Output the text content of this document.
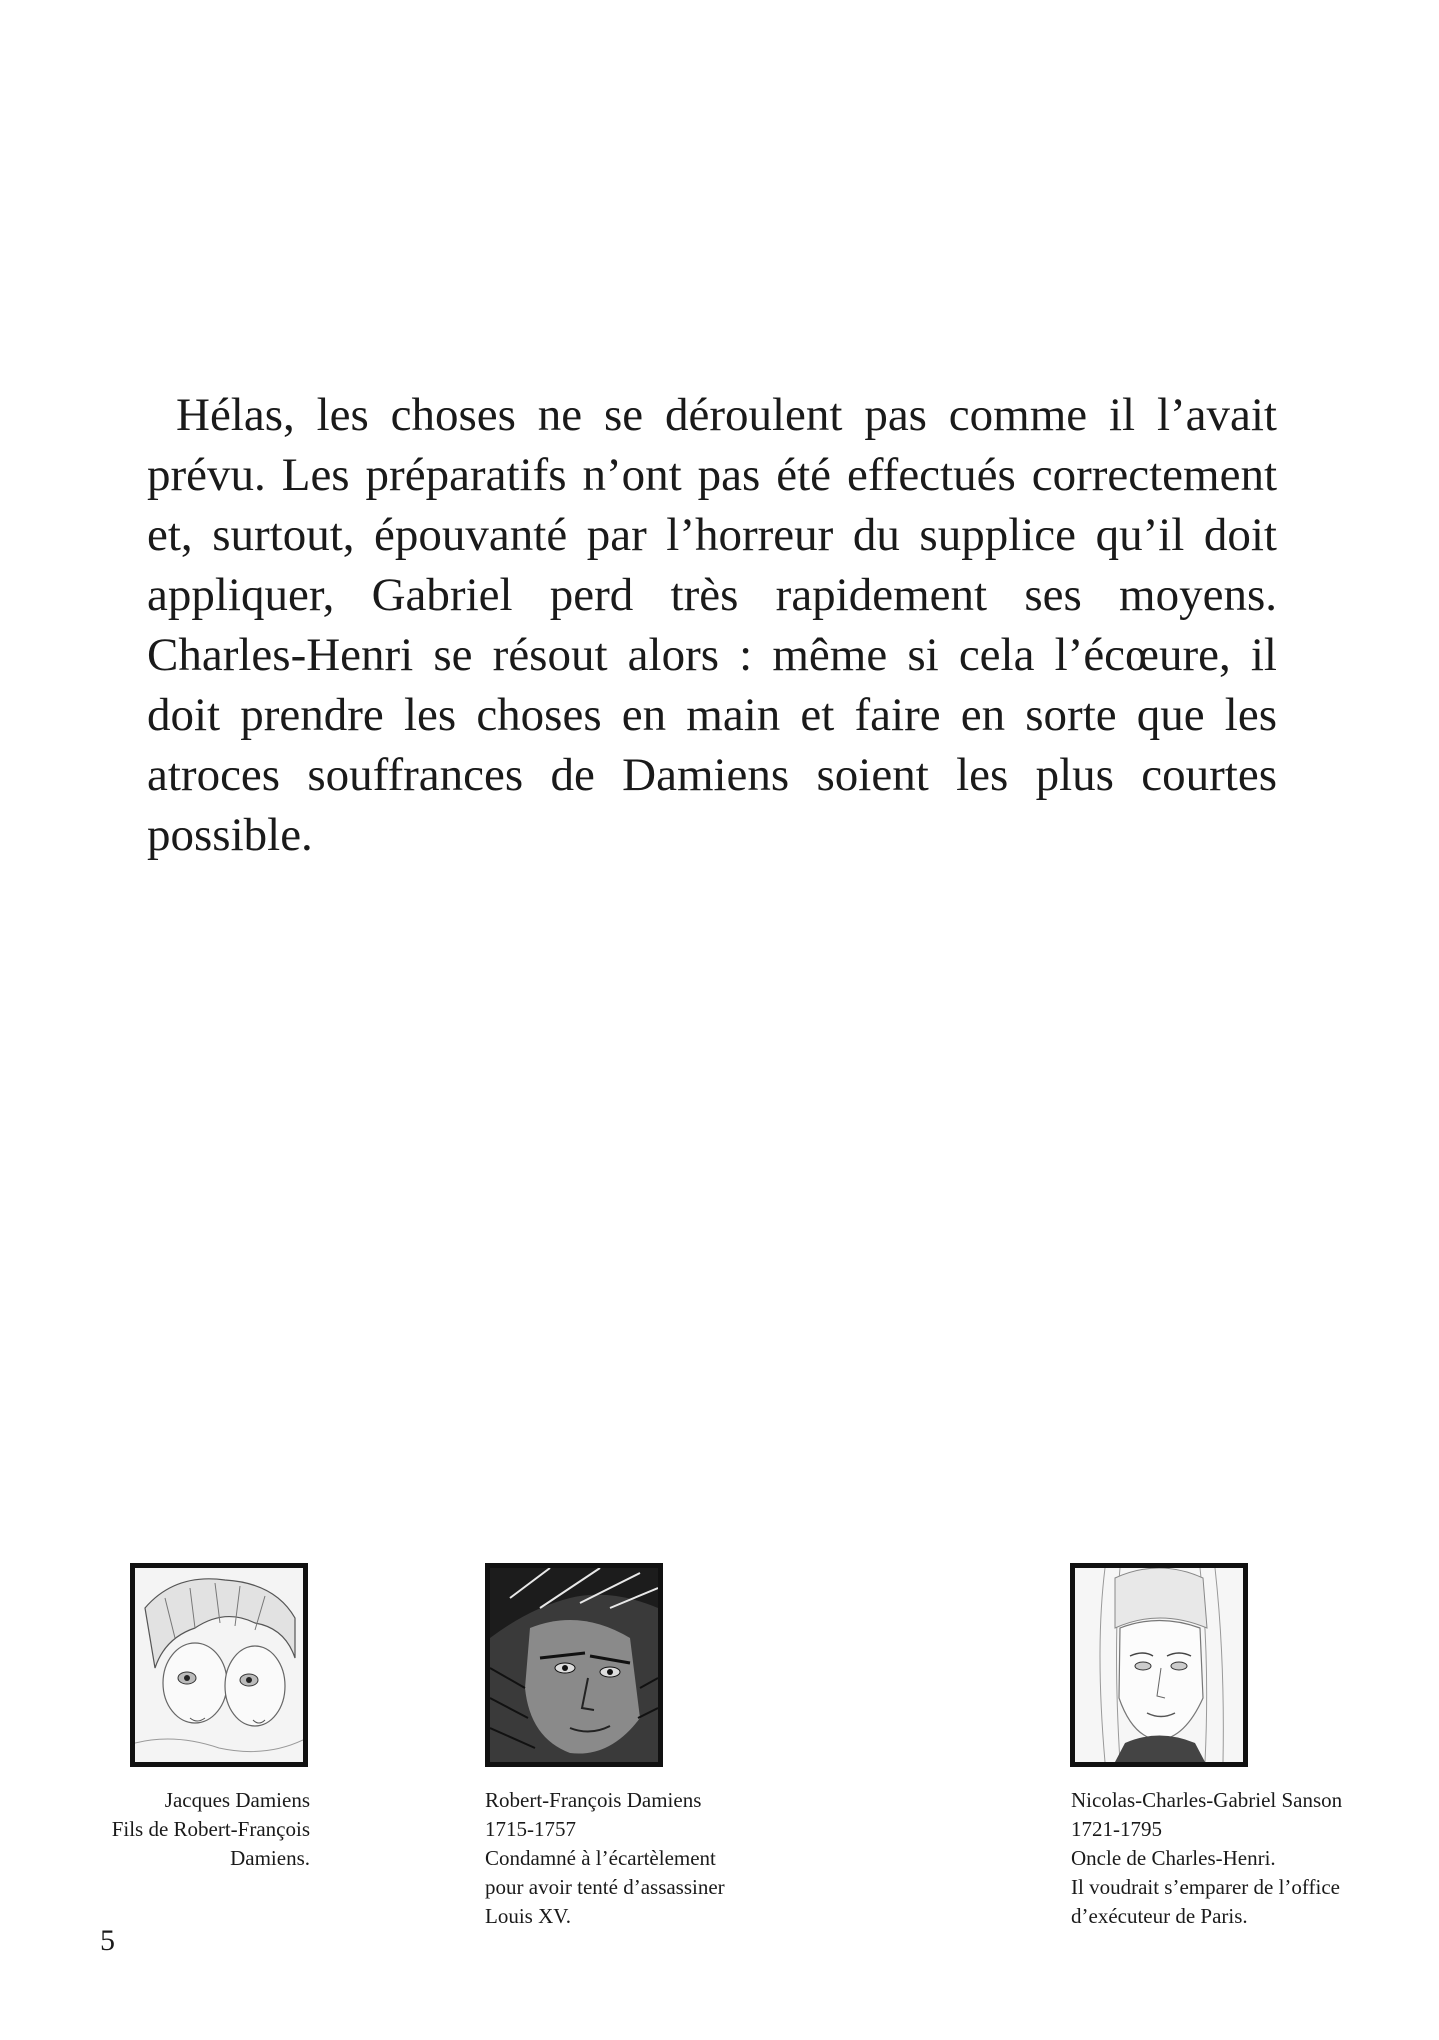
Hélas, les choses ne se déroulent pas comme il l’avait prévu. Les préparatifs n’ont pas été effectués correctement et, surtout, épouvanté par l’horreur du supplice qu’il doit appliquer, Gabriel perd très rapidement ses moyens. Charles-Henri se résout alors : même si cela l’écœure, il doit prendre les choses en main et faire en sorte que les atroces souffrances de Damiens soient les plus courtes possible.

Jacques Damiens
Fils de Robert-François
Damiens.
Robert-François Damiens
1715-1757
Condamné à l’écartèlement
pour avoir tenté d’assassiner
Louis XV.
Nicolas-Charles-Gabriel Sanson
1721-1795
Oncle de Charles-Henri.
Il voudrait s’emparer de l’office
d’exécuteur de Paris.
5
